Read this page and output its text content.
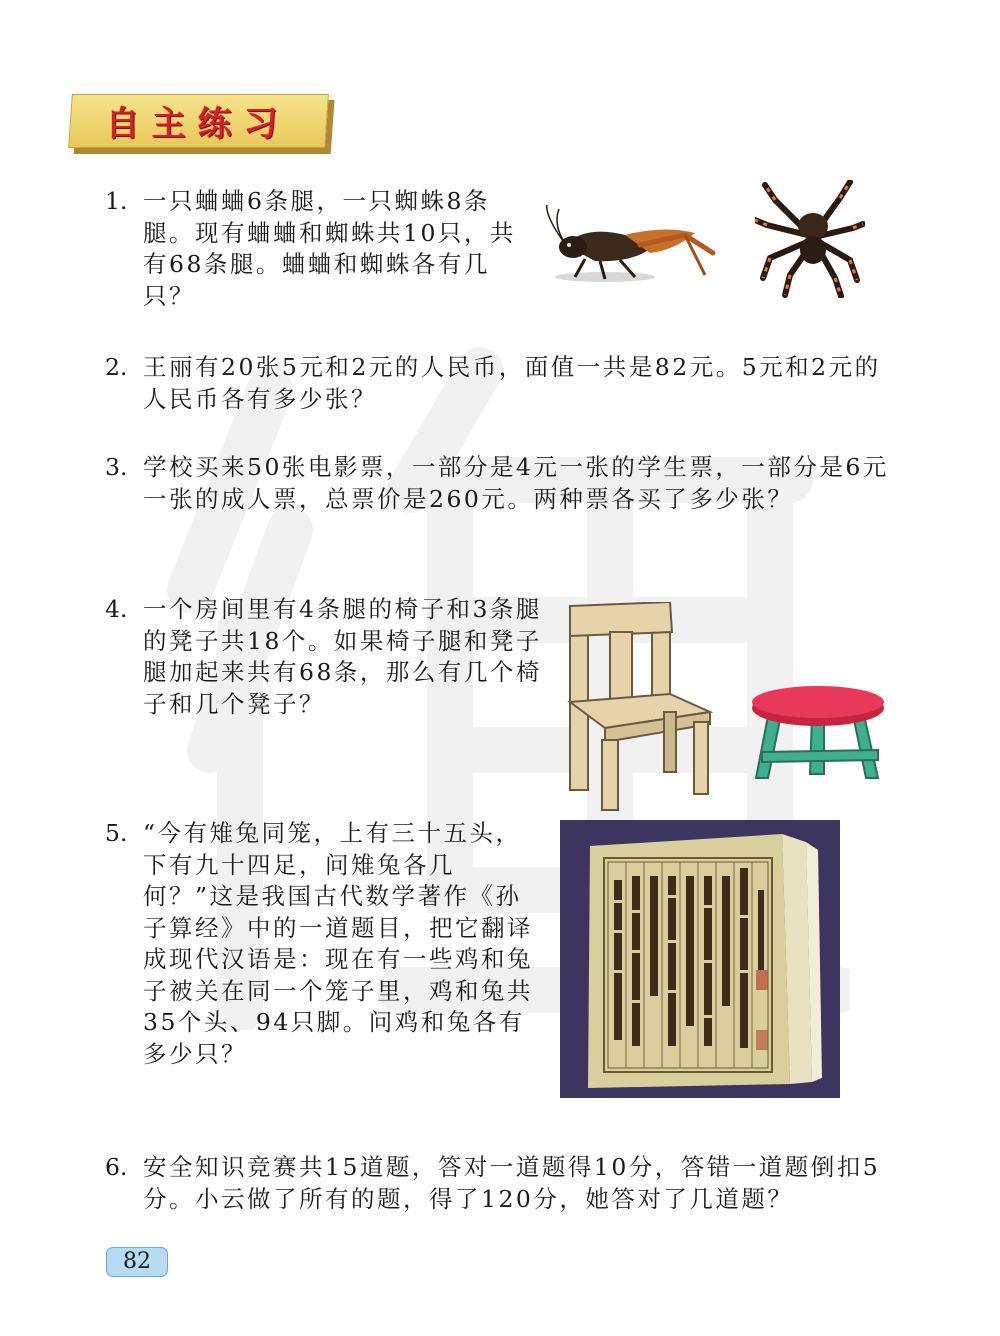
自主练习
1. 一只蛐蛐6条腿，一只蜘蛛8条腿。现有蛐蛐和蜘蛛共10只，共有68条腿。蛐蛐和蜘蛛各有几只？
2. 王丽有20张5元和2元的人民币，面值一共是82元。5元和2元的人民币各有多少张？
3. 学校买来50张电影票，一部分是4元一张的学生票，一部分是6元一张的成人票，总票价是260元。两种票各买了多少张？
4. 一个房间里有4条腿的椅子和3条腿的凳子共18个。如果椅子腿和凳子腿加起来共有68条，那么有几个椅子和几个凳子？
5. “今有雉兔同笼，上有三十五头，下有九十四足，问雉兔各几何？”这是我国古代数学著作《孙子算经》中的一道题目，把它翻译成现代汉语是：现在有一些鸡和兔子被关在同一个笼子里，鸡和兔共35个头、94只脚。问鸡和兔各有多少只？
6. 安全知识竞赛共15道题，答对一道题得10分，答错一道题倒扣5分。小云做了所有的题，得了120分，她答对了几道题？
82
